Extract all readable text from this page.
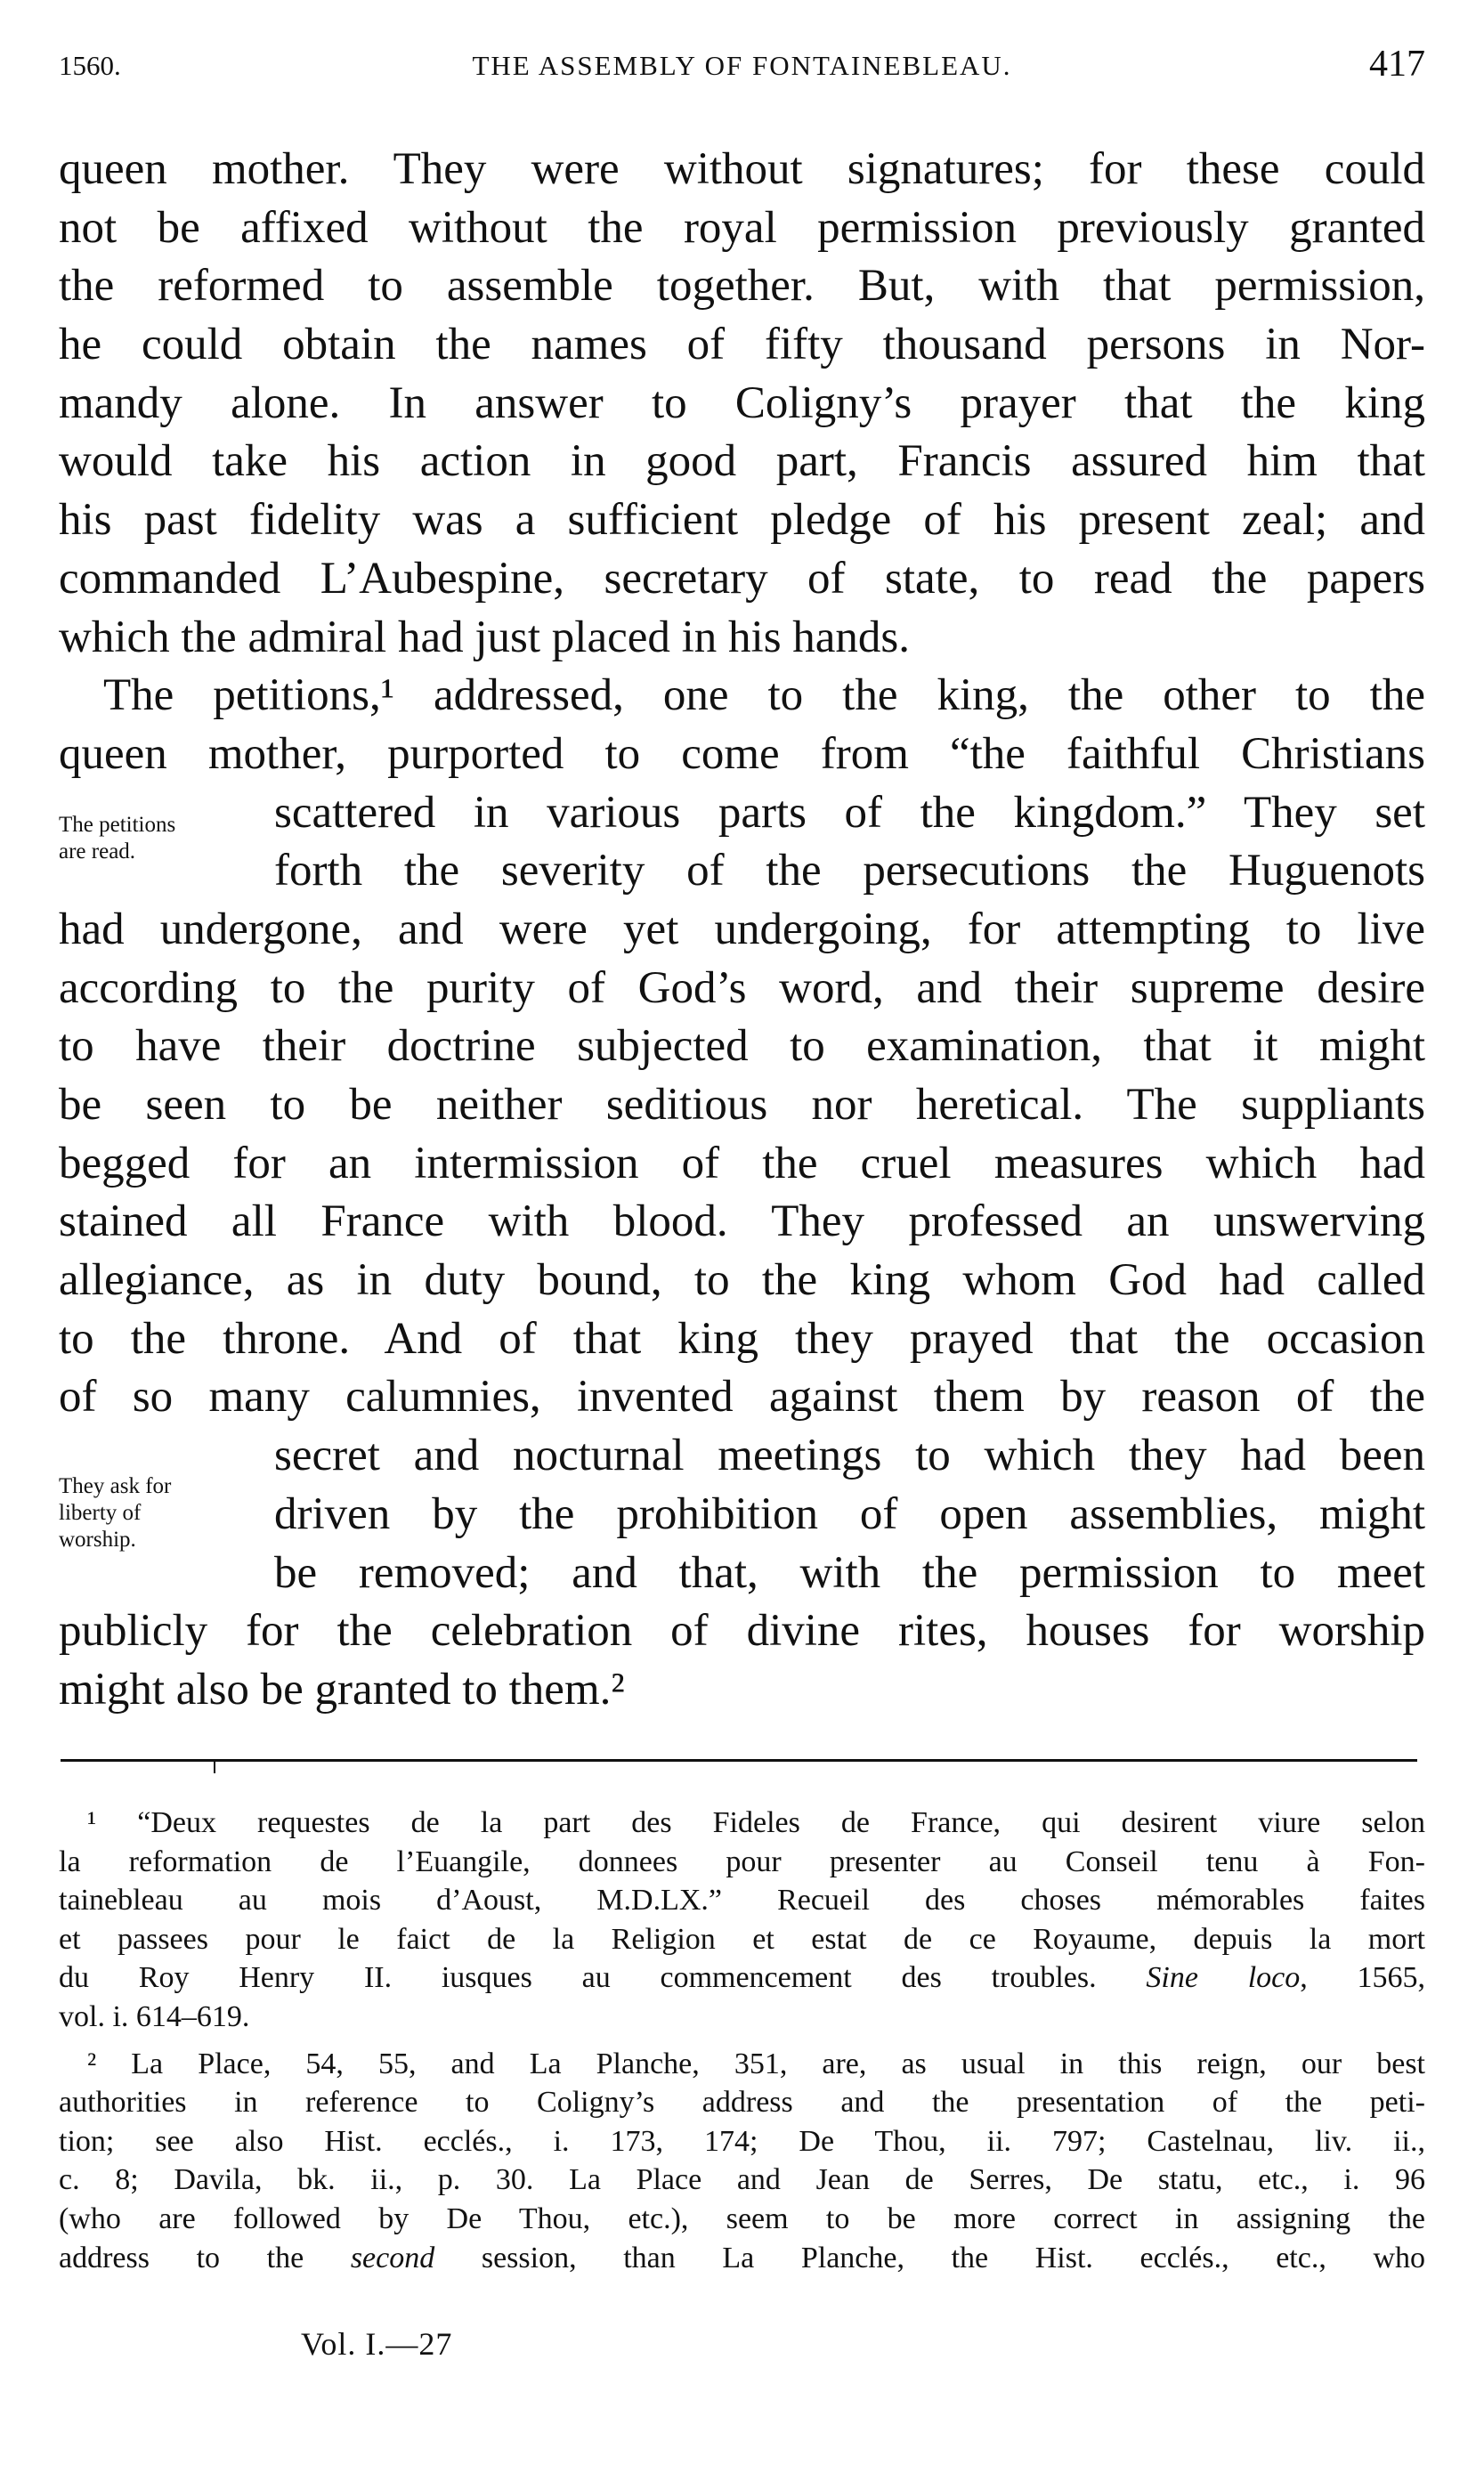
1560.	THE ASSEMBLY OF FONTAINEBLEAU.	417
queen mother. They were without signatures; for these could
not be affixed without the royal permission previously granted
the reformed to assemble together. But, with that permission,
he could obtain the names of fifty thousand persons in Nor-
mandy alone. In answer to Coligny’s prayer that the king
would take his action in good part, Francis assured him that
his past fidelity was a sufficient pledge of his present zeal; and
commanded L’Aubespine, secretary of state, to read the papers
which the admiral had just placed in his hands.
The petitions,¹ addressed, one to the king, the other to the
queen mother, purported to come from “the faithful Christians
scattered in various parts of the kingdom.” They set
forth the severity of the persecutions the Huguenots
had undergone, and were yet undergoing, for attempting to live
according to the purity of God’s word, and their supreme desire
to have their doctrine subjected to examination, that it might
be seen to be neither seditious nor heretical. The suppliants
begged for an intermission of the cruel measures which had
stained all France with blood. They professed an unswerving
allegiance, as in duty bound, to the king whom God had called
to the throne. And of that king they prayed that the occasion
of so many calumnies, invented against them by reason of the
secret and nocturnal meetings to which they had been
driven by the prohibition of open assemblies, might
be removed; and that, with the permission to meet
publicly for the celebration of divine rites, houses for worship
might also be granted to them.²
The petitions
are read.
They ask for
liberty of
worship.
¹ “Deux requestes de la part des Fideles de France, qui desirent viure selon
la reformation de l’Euangile, donnees pour presenter au Conseil tenu à Fon-
tainebleau au mois d’Aoust, M.D.LX.” Recueil des choses mémorables faites
et passees pour le faict de la Religion et estat de ce Royaume, depuis la mort
du Roy Henry II. iusques au commencement des troubles. Sine loco, 1565,
vol. i. 614–619.
² La Place, 54, 55, and La Planche, 351, are, as usual in this reign, our best
authorities in reference to Coligny’s address and the presentation of the peti-
tion; see also Hist. ecclés., i. 173, 174; De Thou, ii. 797; Castelnau, liv. ii.,
c. 8; Davila, bk. ii., p. 30. La Place and Jean de Serres, De statu, etc., i. 96
(who are followed by De Thou, etc.), seem to be more correct in assigning the
address to the second session, than La Planche, the Hist. ecclés., etc., who
Vol. I.—27
